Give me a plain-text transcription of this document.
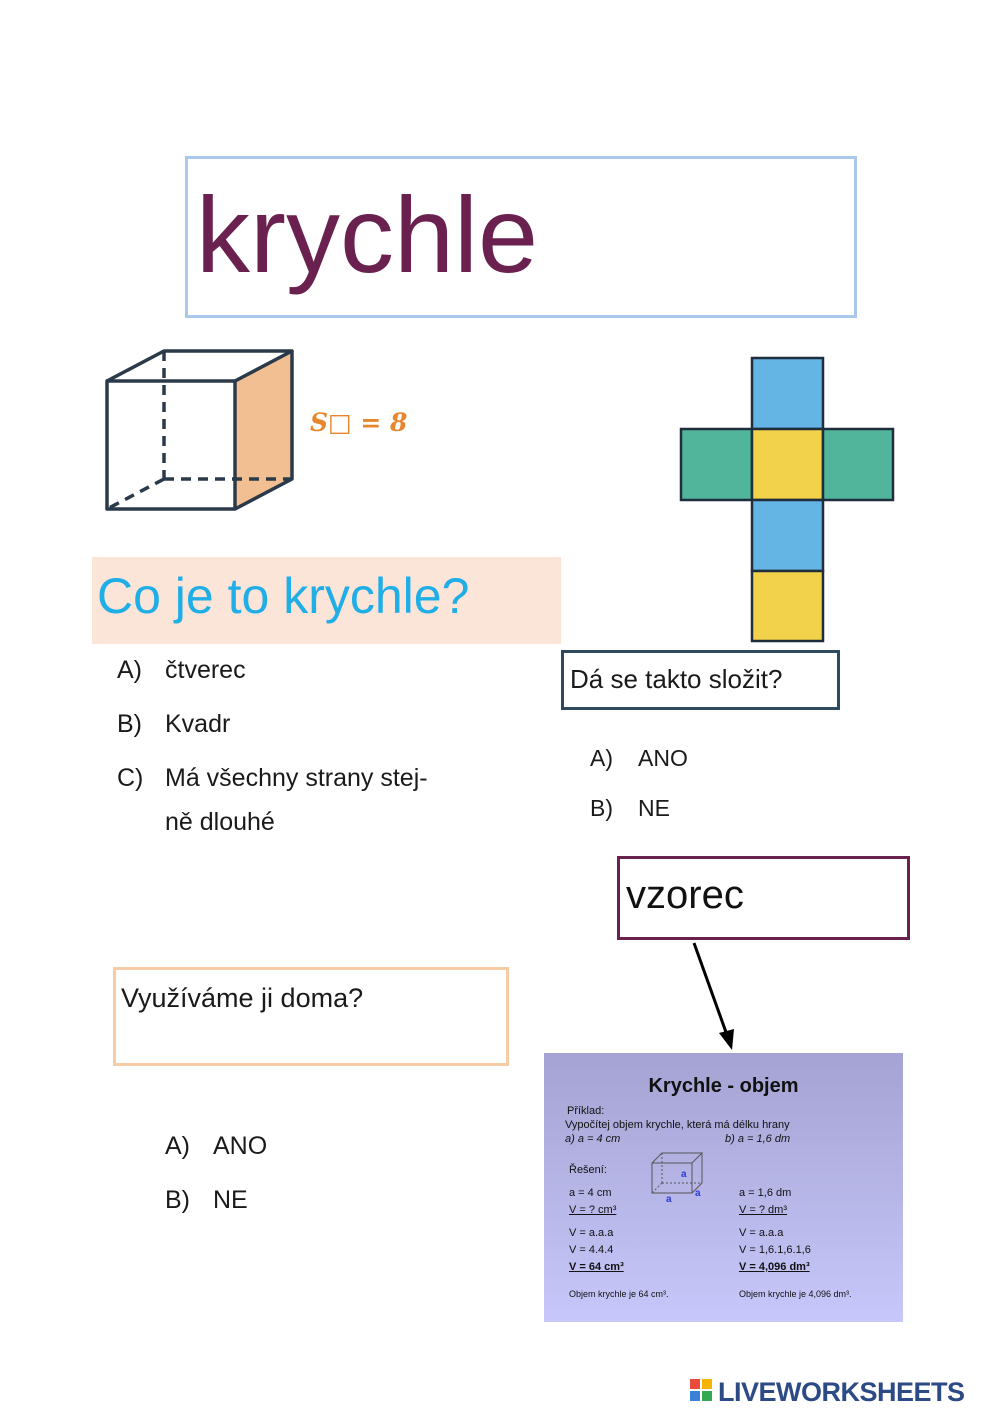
krychle
S□ = 8
Co je to krychle?
A) čtverec
B) Kvadr
C) Má všechny strany stej-
ně dlouhé
Dá se takto složit?
A) ANO
B) NE
vzorec
Využíváme ji doma?
A) ANO
B) NE
Krychle - objem
Příklad:
Vypočítej objem krychle, která má délku hrany
a) a = 4 cm	b) a = 1,6 dm
Řešení:	a
a
a
a = 4 cm
V = ? cm³
V = a.a.a
V = 4.4.4
V = 64 cm³
Objem krychle je 64 cm³.
a = 1,6 dm
V = ? dm³
V = a.a.a
V = 1,6.1,6.1,6
V = 4,096 dm³
Objem krychle je 4,096 dm³.
LIVEWORKSHEETS
